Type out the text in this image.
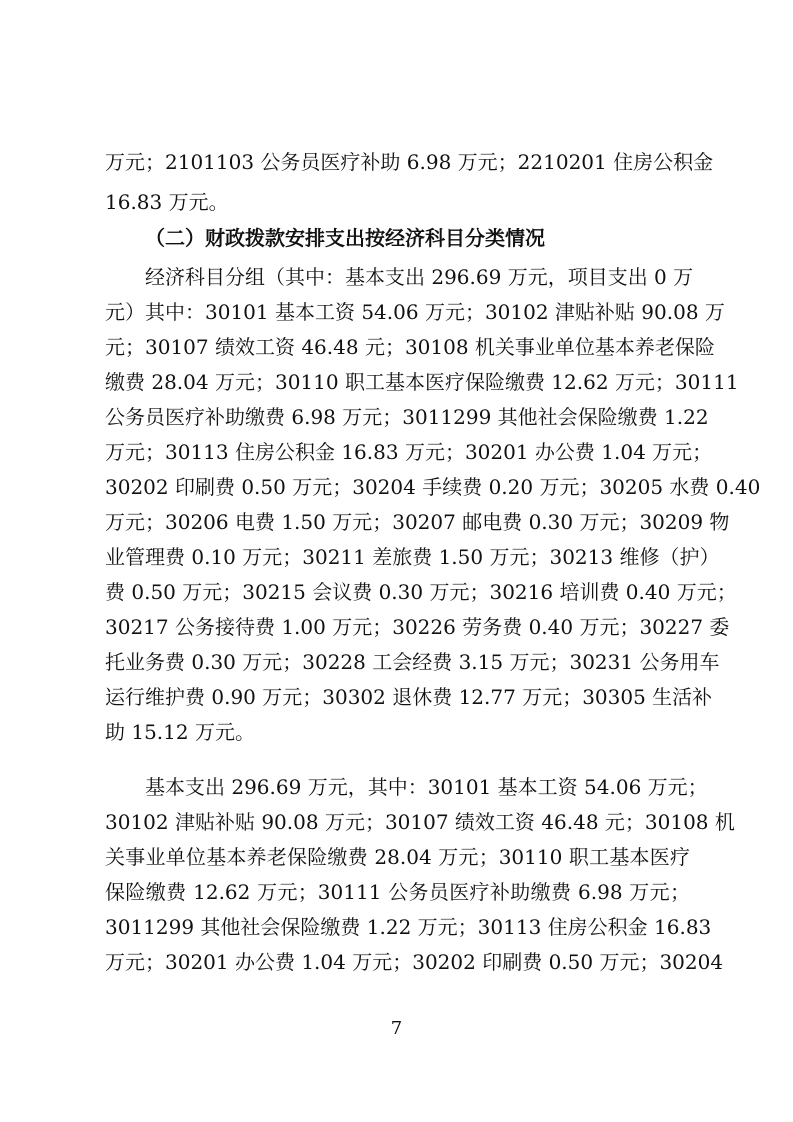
万元；2101103 公务员医疗补助 6.98 万元；2210201 住房公积金
16.83 万元。
（二）财政拨款安排支出按经济科目分类情况
经济科目分组（其中：基本支出 296.69 万元，项目支出 0 万
元）其中：30101 基本工资 54.06 万元；30102 津贴补贴 90.08 万
元；30107 绩效工资 46.48 元；30108 机关事业单位基本养老保险
缴费 28.04 万元；30110 职工基本医疗保险缴费 12.62 万元；30111
公务员医疗补助缴费 6.98 万元；3011299 其他社会保险缴费 1.22
万元；30113 住房公积金 16.83 万元；30201 办公费 1.04 万元；
30202 印刷费 0.50 万元；30204 手续费 0.20 万元；30205 水费 0.40
万元；30206 电费 1.50 万元；30207 邮电费 0.30 万元；30209 物
业管理费 0.10 万元；30211 差旅费 1.50 万元；30213 维修（护）
费 0.50 万元；30215 会议费 0.30 万元；30216 培训费 0.40 万元；
30217 公务接待费 1.00 万元；30226 劳务费 0.40 万元；30227 委
托业务费 0.30 万元；30228 工会经费 3.15 万元；30231 公务用车
运行维护费 0.90 万元；30302 退休费 12.77 万元；30305 生活补
助 15.12 万元。
基本支出 296.69 万元，其中：30101 基本工资 54.06 万元；
30102 津贴补贴 90.08 万元；30107 绩效工资 46.48 元；30108 机
关事业单位基本养老保险缴费 28.04 万元；30110 职工基本医疗
保险缴费 12.62 万元；30111 公务员医疗补助缴费 6.98 万元；
3011299 其他社会保险缴费 1.22 万元；30113 住房公积金 16.83
万元；30201 办公费 1.04 万元；30202 印刷费 0.50 万元；30204
7
